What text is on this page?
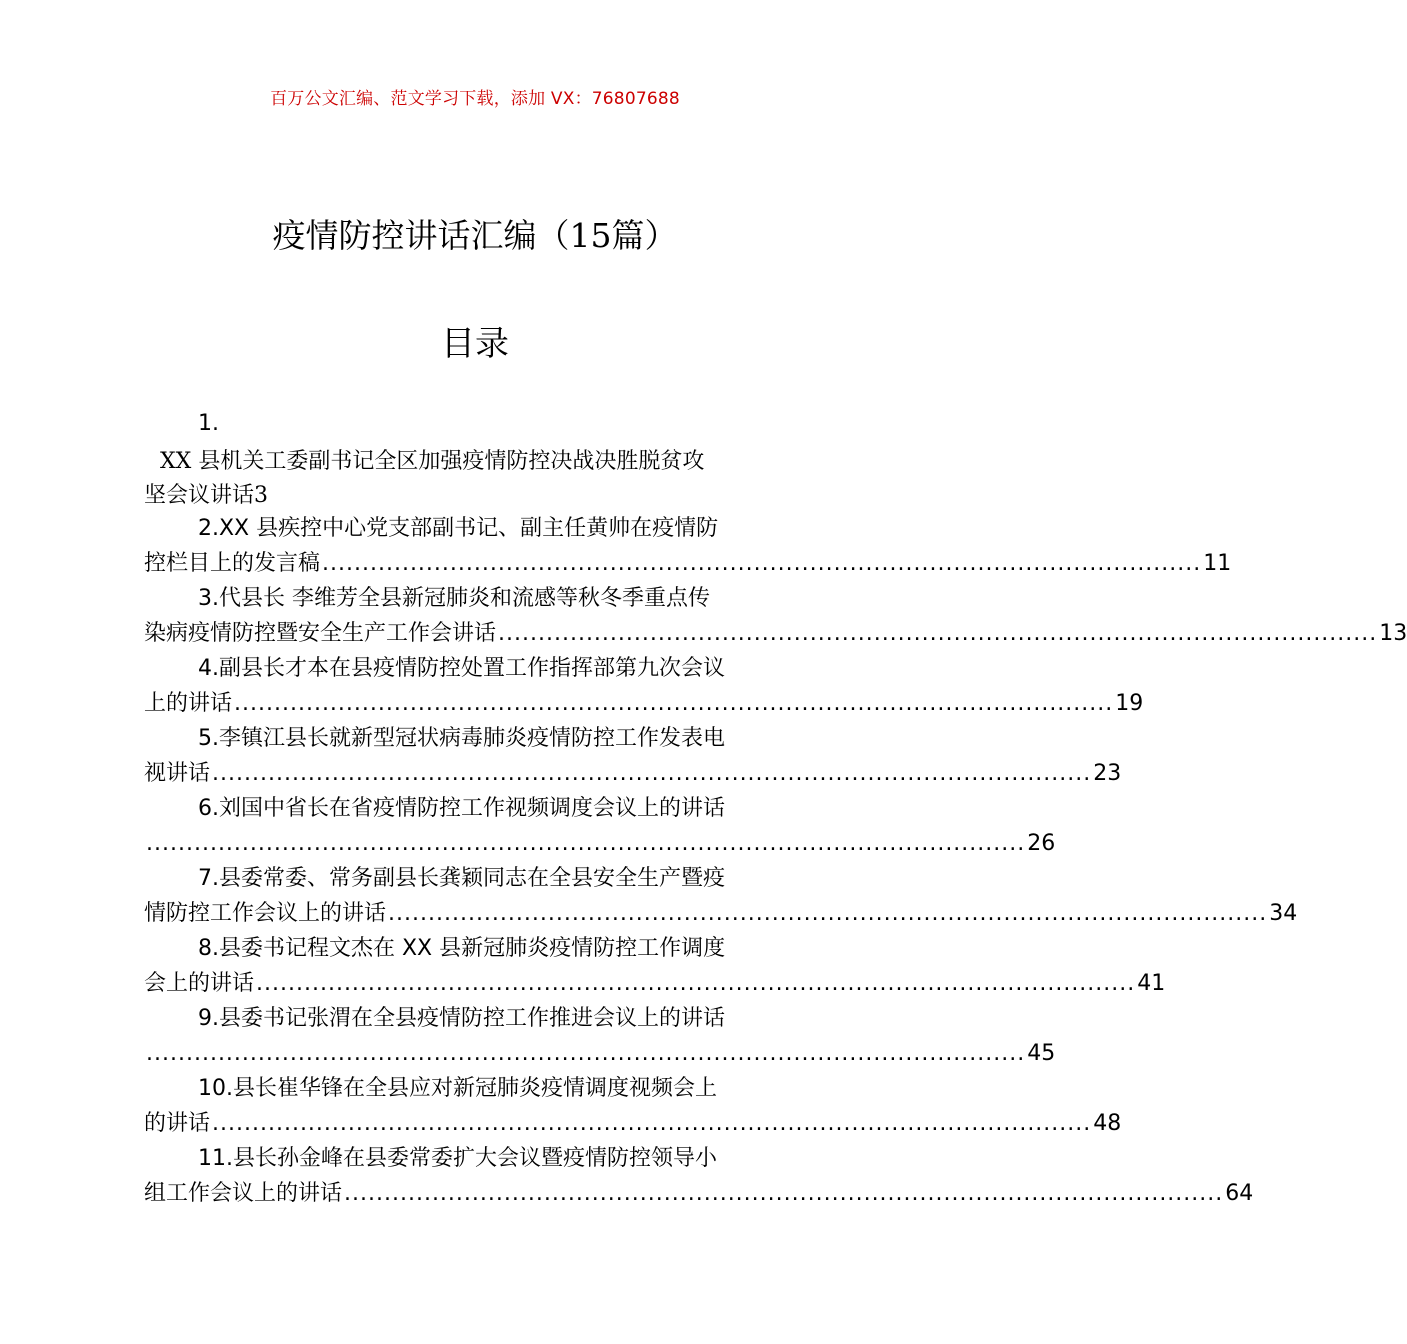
百万公文汇编、范文学习下载，添加 VX：76807688
疫情防控讲话汇编（15篇）
目录
1.
XX 县机关工委副书记全区加强疫情防控决战决胜脱贫攻
坚会议讲话3
2.XX 县疾控中心党支部副书记、副主任黄帅在疫情防
控栏目上的发言稿 .............................................................................................................. 11
3.代县长 李维芳全县新冠肺炎和流感等秋冬季重点传
染病疫情防控暨安全生产工作会讲话 .............................................................................................................. 13
4.副县长才本在县疫情防控处置工作指挥部第九次会议
上的讲话 .............................................................................................................. 19
5.李镇江县长就新型冠状病毒肺炎疫情防控工作发表电
视讲话 .............................................................................................................. 23
6.刘国中省长在省疫情防控工作视频调度会议上的讲话
.............................................................................................................. 26
7.县委常委、常务副县长龚颖同志在全县安全生产暨疫
情防控工作会议上的讲话 .............................................................................................................. 34
8.县委书记程文杰在 XX 县新冠肺炎疫情防控工作调度
会上的讲话 .............................................................................................................. 41
9.县委书记张渭在全县疫情防控工作推进会议上的讲话
.............................................................................................................. 45
10.县长崔华锋在全县应对新冠肺炎疫情调度视频会上
的讲话 .............................................................................................................. 48
11.县长孙金峰在县委常委扩大会议暨疫情防控领导小
组工作会议上的讲话 .............................................................................................................. 64
